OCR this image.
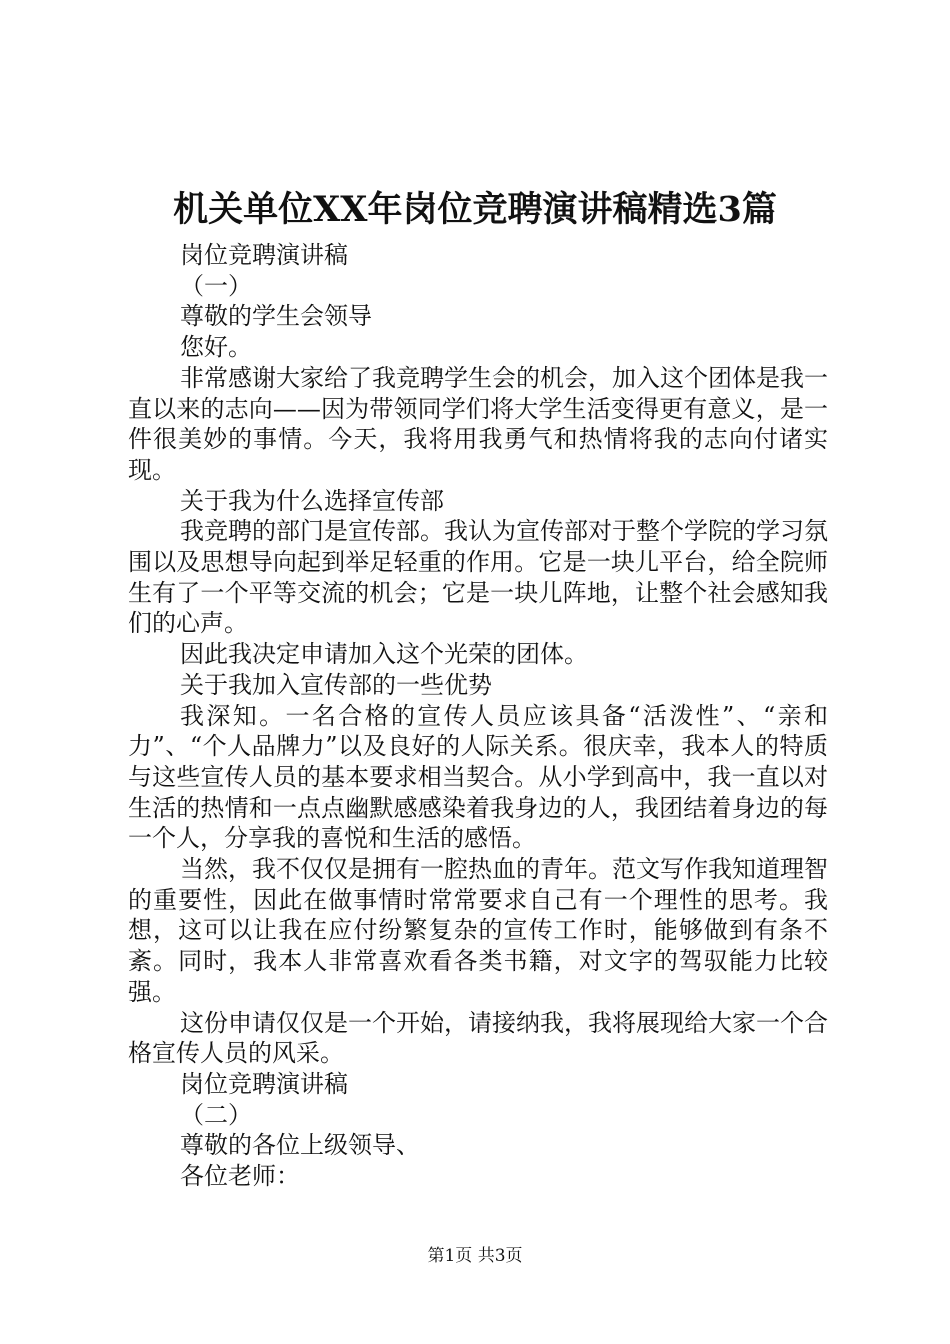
机关单位XX年岗位竞聘演讲稿精选3篇

岗位竞聘演讲稿

（一）

尊敬的学生会领导

您好。

非常感谢大家给了我竞聘学生会的机会，加入这个团体是我一直以来的志向——因为带领同学们将大学生活变得更有意义，是一件很美妙的事情。今天，我将用我勇气和热情将我的志向付诸实现。

关于我为什么选择宣传部

我竞聘的部门是宣传部。我认为宣传部对于整个学院的学习氛围以及思想导向起到举足轻重的作用。它是一块儿平台，给全院师生有了一个平等交流的机会；它是一块儿阵地，让整个社会感知我们的心声。

因此我决定申请加入这个光荣的团体。

关于我加入宣传部的一些优势

我深知。一名合格的宣传人员应该具备“活泼性”、“亲和力”、“个人品牌力”以及良好的人际关系。很庆幸，我本人的特质与这些宣传人员的基本要求相当契合。从小学到高中，我一直以对生活的热情和一点点幽默感感染着我身边的人，我团结着身边的每一个人，分享我的喜悦和生活的感悟。

当然，我不仅仅是拥有一腔热血的青年。范文写作我知道理智的重要性，因此在做事情时常常要求自己有一个理性的思考。我想，这可以让我在应付纷繁复杂的宣传工作时，能够做到有条不紊。同时，我本人非常喜欢看各类书籍，对文字的驾驭能力比较强。

这份申请仅仅是一个开始，请接纳我，我将展现给大家一个合格宣传人员的风采。

岗位竞聘演讲稿

（二）

尊敬的各位上级领导、

各位老师：

第1页 共3页
